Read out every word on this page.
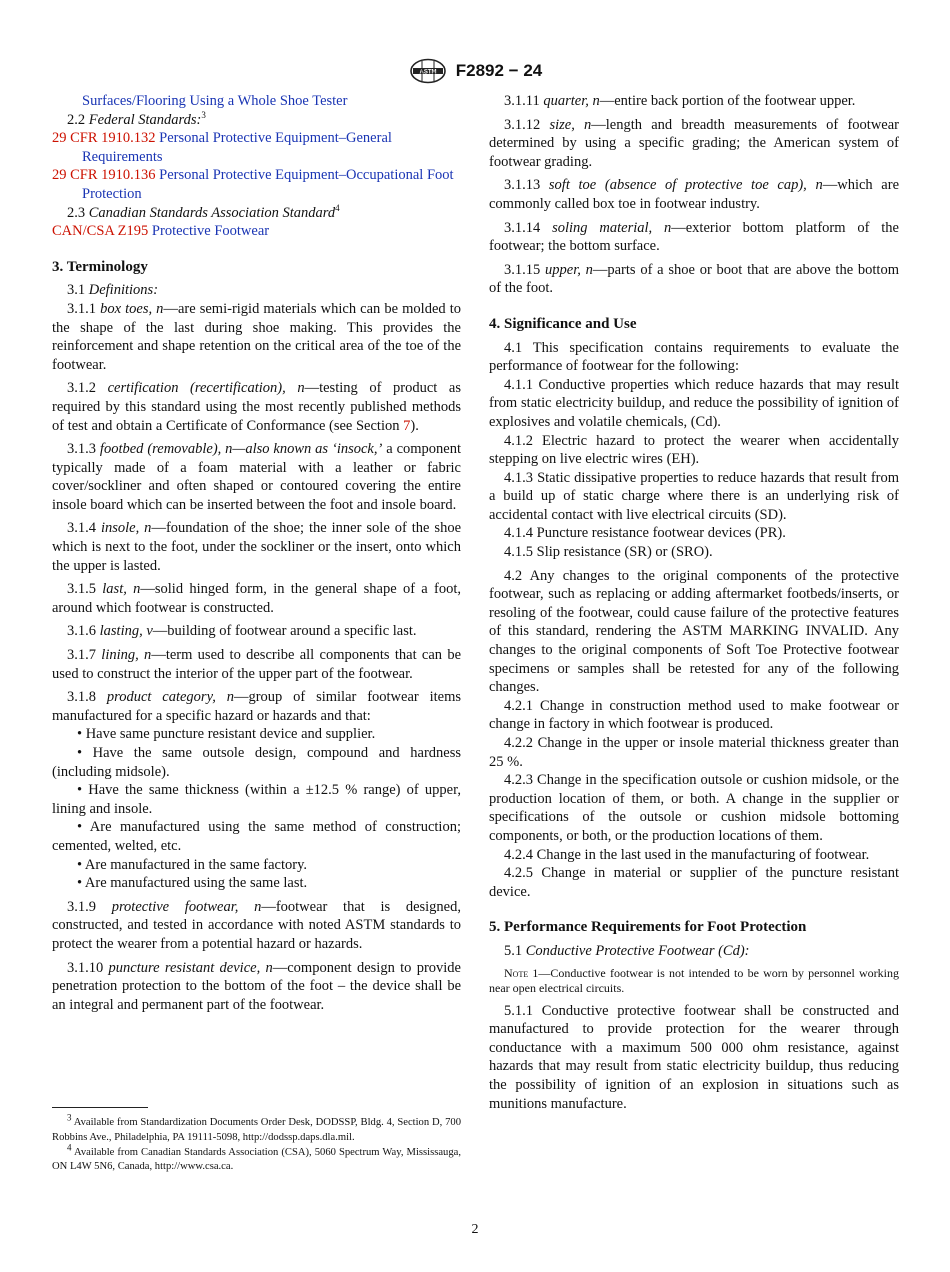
ASTM F2892 − 24

Surfaces/Flooring Using a Whole Shoe Tester

2.2 Federal Standards:$^3$

29 CFR 1910.132 Personal Protective Equipment–General Requirements

29 CFR 1910.136 Personal Protective Equipment–Occupational Foot Protection

2.3 Canadian Standards Association Standard$^4$

CAN/CSA Z195 Protective Footwear

3. Terminology

3.1 Definitions:

3.1.1 box toes, n—are semi-rigid materials which can be molded to the shape of the last during shoe making. This provides the reinforcement and shape retention on the critical area of the toe of the footwear.

3.1.2 certification (recertification), n—testing of product as required by this standard using the most recently published methods of test and obtain a Certificate of Conformance (see Section 7).

3.1.3 footbed (removable), n—also known as ‘insock,’ a component typically made of a foam material with a leather or fabric cover/sockliner and often shaped or contoured covering the entire insole board which can be inserted between the foot and insole board.

3.1.4 insole, n—foundation of the shoe; the inner sole of the shoe which is next to the foot, under the sockliner or the insert, onto which the upper is lasted.

3.1.5 last, n—solid hinged form, in the general shape of a foot, around which footwear is constructed.

3.1.6 lasting, v—building of footwear around a specific last.

3.1.7 lining, n—term used to describe all components that can be used to construct the interior of the upper part of the footwear.

3.1.8 product category, n—group of similar footwear items manufactured for a specific hazard or hazards and that:

• Have same puncture resistant device and supplier.

• Have the same outsole design, compound and hardness (including midsole).

• Have the same thickness (within a ±12.5 % range) of upper, lining and insole.

• Are manufactured using the same method of construction; cemented, welted, etc.

• Are manufactured in the same factory.

• Are manufactured using the same last.

3.1.9 protective footwear, n—footwear that is designed, constructed, and tested in accordance with noted ASTM standards to protect the wearer from a potential hazard or hazards.

3.1.10 puncture resistant device, n—component design to provide penetration protection to the bottom of the foot – the device shall be an integral and permanent part of the footwear.

$^3$ Available from Standardization Documents Order Desk, DODSSP, Bldg. 4, Section D, 700 Robbins Ave., Philadelphia, PA 19111-5098, http://dodssp.daps.dla.mil.

$^4$ Available from Canadian Standards Association (CSA), 5060 Spectrum Way, Mississauga, ON L4W 5N6, Canada, http://www.csa.ca.

3.1.11 quarter, n—entire back portion of the footwear upper.

3.1.12 size, n—length and breadth measurements of footwear determined by using a specific grading; the American system of footwear grading.

3.1.13 soft toe (absence of protective toe cap), n—which are commonly called box toe in footwear industry.

3.1.14 soling material, n—exterior bottom platform of the footwear; the bottom surface.

3.1.15 upper, n—parts of a shoe or boot that are above the bottom of the foot.

4. Significance and Use

4.1 This specification contains requirements to evaluate the performance of footwear for the following:

4.1.1 Conductive properties which reduce hazards that may result from static electricity buildup, and reduce the possibility of ignition of explosives and volatile chemicals, (Cd).

4.1.2 Electric hazard to protect the wearer when accidentally stepping on live electric wires (EH).

4.1.3 Static dissipative properties to reduce hazards that result from a build up of static charge where there is an underlying risk of accidental contact with live electrical circuits (SD).

4.1.4 Puncture resistance footwear devices (PR).

4.1.5 Slip resistance (SR) or (SRO).

4.2 Any changes to the original components of the protective footwear, such as replacing or adding aftermarket footbeds/inserts, or resoling of the footwear, could cause failure of the protective features of this standard, rendering the ASTM MARKING INVALID. Any changes to the original components of Soft Toe Protective footwear specimens or samples shall be retested for any of the following changes.

4.2.1 Change in construction method used to make footwear or change in factory in which footwear is produced.

4.2.2 Change in the upper or insole material thickness greater than 25 %.

4.2.3 Change in the specification outsole or cushion midsole, or the production location of them, or both. A change in the supplier or specifications of the outsole or cushion midsole bottoming components, or both, or the production locations of them.

4.2.4 Change in the last used in the manufacturing of footwear.

4.2.5 Change in material or supplier of the puncture resistant device.

5. Performance Requirements for Foot Protection

5.1 Conductive Protective Footwear (Cd):

Note 1—Conductive footwear is not intended to be worn by personnel working near open electrical circuits.

5.1.1 Conductive protective footwear shall be constructed and manufactured to provide protection for the wearer through conductance with a maximum 500 000 ohm resistance, against hazards that may result from static electricity buildup, thus reducing the possibility of ignition of an explosion in situations such as munitions manufacture.

2
